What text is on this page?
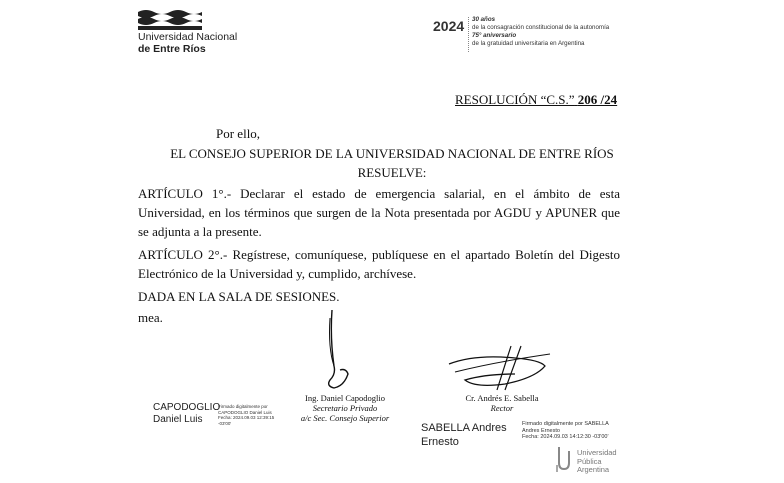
Universidad Nacional
de Entre Ríos
2024 30 años
de la consagración constitucional de la autonomía
75° aniversario
de la gratuidad universitaria en Argentina
RESOLUCIÓN “C.S.” 206 /24
Por ello,
EL CONSEJO SUPERIOR DE LA UNIVERSIDAD NACIONAL DE ENTRE RÍOS
RESUELVE:
ARTÍCULO 1°.- Declarar el estado de emergencia salarial, en el ámbito de esta Universidad, en los términos que surgen de la Nota presentada por AGDU y APUNER que se adjunta a la presente.
ARTÍCULO 2°.- Regístrese, comuníquese, publíquese en el apartado Boletín del Digesto Electrónico de la Universidad y, cumplido, archívese.
DADA EN LA SALA DE SESIONES.
mea.
Ing. Daniel Capodoglio
Secretario Privado
a/c Sec. Consejo Superior
Cr. Andrés E. Sabella
Rector
CAPODOGLIO
Daniel Luis
Firmado digitalmente por
CAPODOGLIO Daniel Luis
Fecha: 2024.09.03 12:39:15
-03'00'	SABELLA Andres
Ernesto
Firmado digitalmente por SABELLA
Andres Ernesto
Fecha: 2024.09.03 14:12:30 -03'00'
Universidad
Pública
Argentina
